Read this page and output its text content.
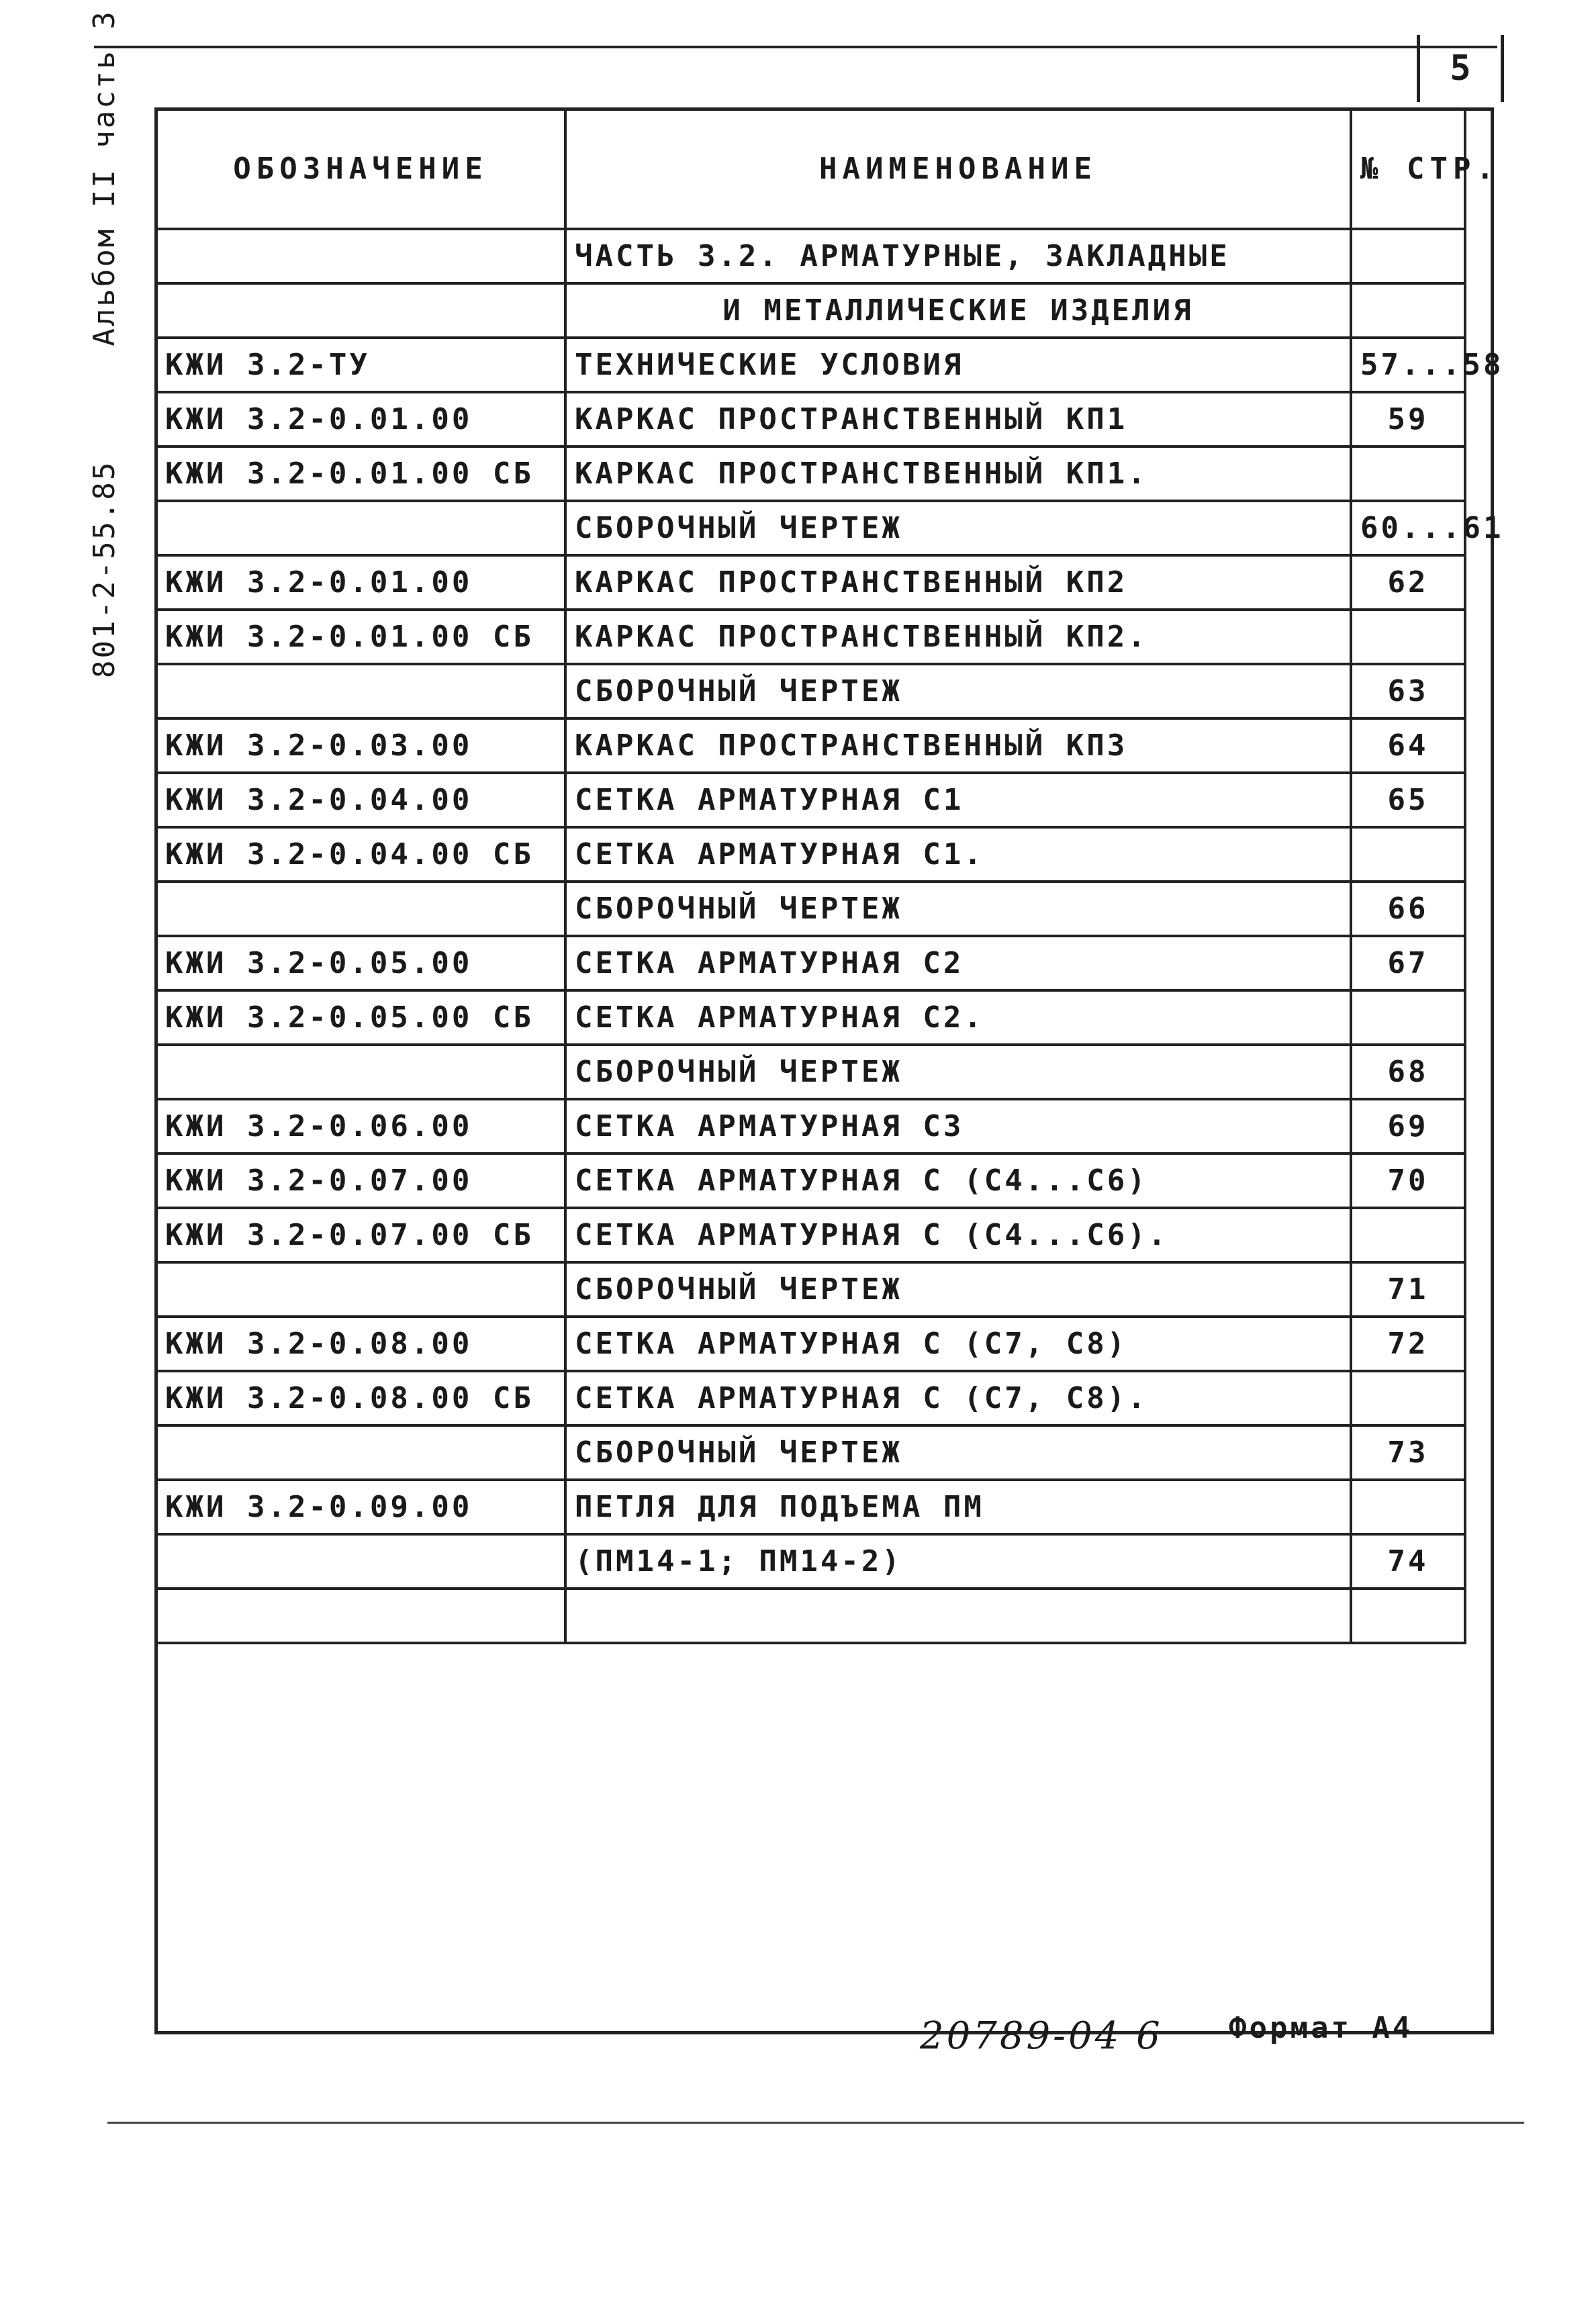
5
801-2-55.85Альбом II часть 3	ОБОЗНАЧЕНИЕ	НАИМЕНОВАНИЕ	№ СТР.
	ЧАСТЬ 3.2. АРМАТУРНЫЕ, ЗАКЛАДНЫЕ	
	И МЕТАЛЛИЧЕСКИЕ ИЗДЕЛИЯ	
КЖИ 3.2-ТУ	ТЕХНИЧЕСКИЕ УСЛОВИЯ	57...58
КЖИ 3.2-0.01.00	КАРКАС ПРОСТРАНСТВЕННЫЙ КП1	59
КЖИ 3.2-0.01.00 СБ	КАРКАС ПРОСТРАНСТВЕННЫЙ КП1.	
	СБОРОЧНЫЙ ЧЕРТЕЖ	60...61
КЖИ 3.2-0.01.00	КАРКАС ПРОСТРАНСТВЕННЫЙ КП2	62
КЖИ 3.2-0.01.00 СБ	КАРКАС ПРОСТРАНСТВЕННЫЙ КП2.	
	СБОРОЧНЫЙ ЧЕРТЕЖ	63
КЖИ 3.2-0.03.00	КАРКАС ПРОСТРАНСТВЕННЫЙ КП3	64
КЖИ 3.2-0.04.00	СЕТКА АРМАТУРНАЯ С1	65
КЖИ 3.2-0.04.00 СБ	СЕТКА АРМАТУРНАЯ С1.	
	СБОРОЧНЫЙ ЧЕРТЕЖ	66
КЖИ 3.2-0.05.00	СЕТКА АРМАТУРНАЯ С2	67
КЖИ 3.2-0.05.00 СБ	СЕТКА АРМАТУРНАЯ С2.	
	СБОРОЧНЫЙ ЧЕРТЕЖ	68
КЖИ 3.2-0.06.00	СЕТКА АРМАТУРНАЯ С3	69
КЖИ 3.2-0.07.00	СЕТКА АРМАТУРНАЯ С (С4...С6)	70
КЖИ 3.2-0.07.00 СБ	СЕТКА АРМАТУРНАЯ С (С4...С6).	
	СБОРОЧНЫЙ ЧЕРТЕЖ	71
КЖИ 3.2-0.08.00	СЕТКА АРМАТУРНАЯ С (С7, С8)	72
КЖИ 3.2-0.08.00 СБ	СЕТКА АРМАТУРНАЯ С (С7, С8).	
	СБОРОЧНЫЙ ЧЕРТЕЖ	73
КЖИ 3.2-0.09.00	ПЕТЛЯ ДЛЯ ПОДЪЕМА ПМ	
	(ПМ14-1; ПМ14-2)	74

20789-04 6 Формат А4
